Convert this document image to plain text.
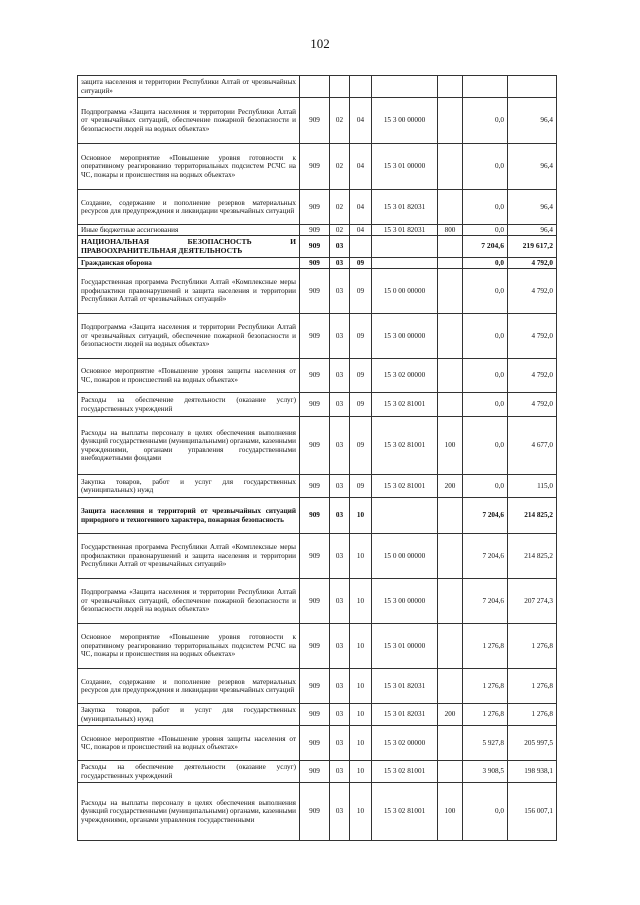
102
защита населения и территории Республики Алтай от чрезвычайных ситуаций»							
Подпрограмма «Защита населения и территории Республики Алтай от чрезвычайных ситуаций, обеспечение пожарной безопасности и безопасности людей на водных объектах»	909	02	04	15 3 00 00000		0,0	96,4
Основное мероприятие «Повышение уровня готовности к оперативному реагированию территориальных подсистем РСЧС на ЧС, пожары и происшествия на водных объектах»	909	02	04	15 3 01 00000		0,0	96,4
Создание, содержание и пополнение резервов материальных ресурсов для предупреждения и ликвидации чрезвычайных ситуаций	909	02	04	15 3 01 82031		0,0	96,4
Иные бюджетные ассигнования	909	02	04	15 3 01 82031	800	0,0	96,4
НАЦИОНАЛЬНАЯ БЕЗОПАСНОСТЬ И ПРАВООХРАНИТЕЛЬНАЯ ДЕЯТЕЛЬНОСТЬ	909	03				7 204,6	219 617,2
Гражданская оборона	909	03	09			0,0	4 792,0
Государственная программа Республики Алтай «Комплексные меры профилактики правонарушений и защита населения и территории Республики Алтай от чрезвычайных ситуаций»	909	03	09	15 0 00 00000		0,0	4 792,0
Подпрограмма «Защита населения и территории Республики Алтай от чрезвычайных ситуаций, обеспечение пожарной безопасности и безопасности людей на водных объектах»	909	03	09	15 3 00 00000		0,0	4 792,0
Основное мероприятие «Повышение уровня защиты населения от ЧС, пожаров и происшествий на водных объектах»	909	03	09	15 3 02 00000		0,0	4 792,0
Расходы на обеспечение деятельности (оказание услуг) государственных учреждений	909	03	09	15 3 02 81001		0,0	4 792,0
Расходы на выплаты персоналу в целях обеспечения выполнения функций государственными (муниципальными) органами, казенными учреждениями, органами управления государственными внебюджетными фондами	909	03	09	15 3 02 81001	100	0,0	4 677,0
Закупка товаров, работ и услуг для государственных (муниципальных) нужд	909	03	09	15 3 02 81001	200	0,0	115,0
Защита населения и территорий от чрезвычайных ситуаций природного и техногенного характера, пожарная безопасность	909	03	10			7 204,6	214 825,2
Государственная программа Республики Алтай «Комплексные меры профилактики правонарушений и защита населения и территории Республики Алтай от чрезвычайных ситуаций»	909	03	10	15 0 00 00000		7 204,6	214 825,2
Подпрограмма «Защита населения и территории Республики Алтай от чрезвычайных ситуаций, обеспечение пожарной безопасности и безопасности людей на водных объектах»	909	03	10	15 3 00 00000		7 204,6	207 274,3
Основное мероприятие «Повышение уровня готовности к оперативному реагированию территориальных подсистем РСЧС на ЧС, пожары и происшествия на водных объектах»	909	03	10	15 3 01 00000		1 276,8	1 276,8
Создание, содержание и пополнение резервов материальных ресурсов для предупреждения и ликвидации чрезвычайных ситуаций	909	03	10	15 3 01 82031		1 276,8	1 276,8
Закупка товаров, работ и услуг для государственных (муниципальных) нужд	909	03	10	15 3 01 82031	200	1 276,8	1 276,8
Основное мероприятие «Повышение уровня защиты населения от ЧС, пожаров и происшествий на водных объектах»	909	03	10	15 3 02 00000		5 927,8	205 997,5
Расходы на обеспечение деятельности (оказание услуг) государственных учреждений	909	03	10	15 3 02 81001		3 908,5	198 938,1
Расходы на выплаты персоналу в целях обеспечения выполнения функций государственными (муниципальными) органами, казенными учреждениями, органами управления государственными	909	03	10	15 3 02 81001	100	0,0	156 007,1
